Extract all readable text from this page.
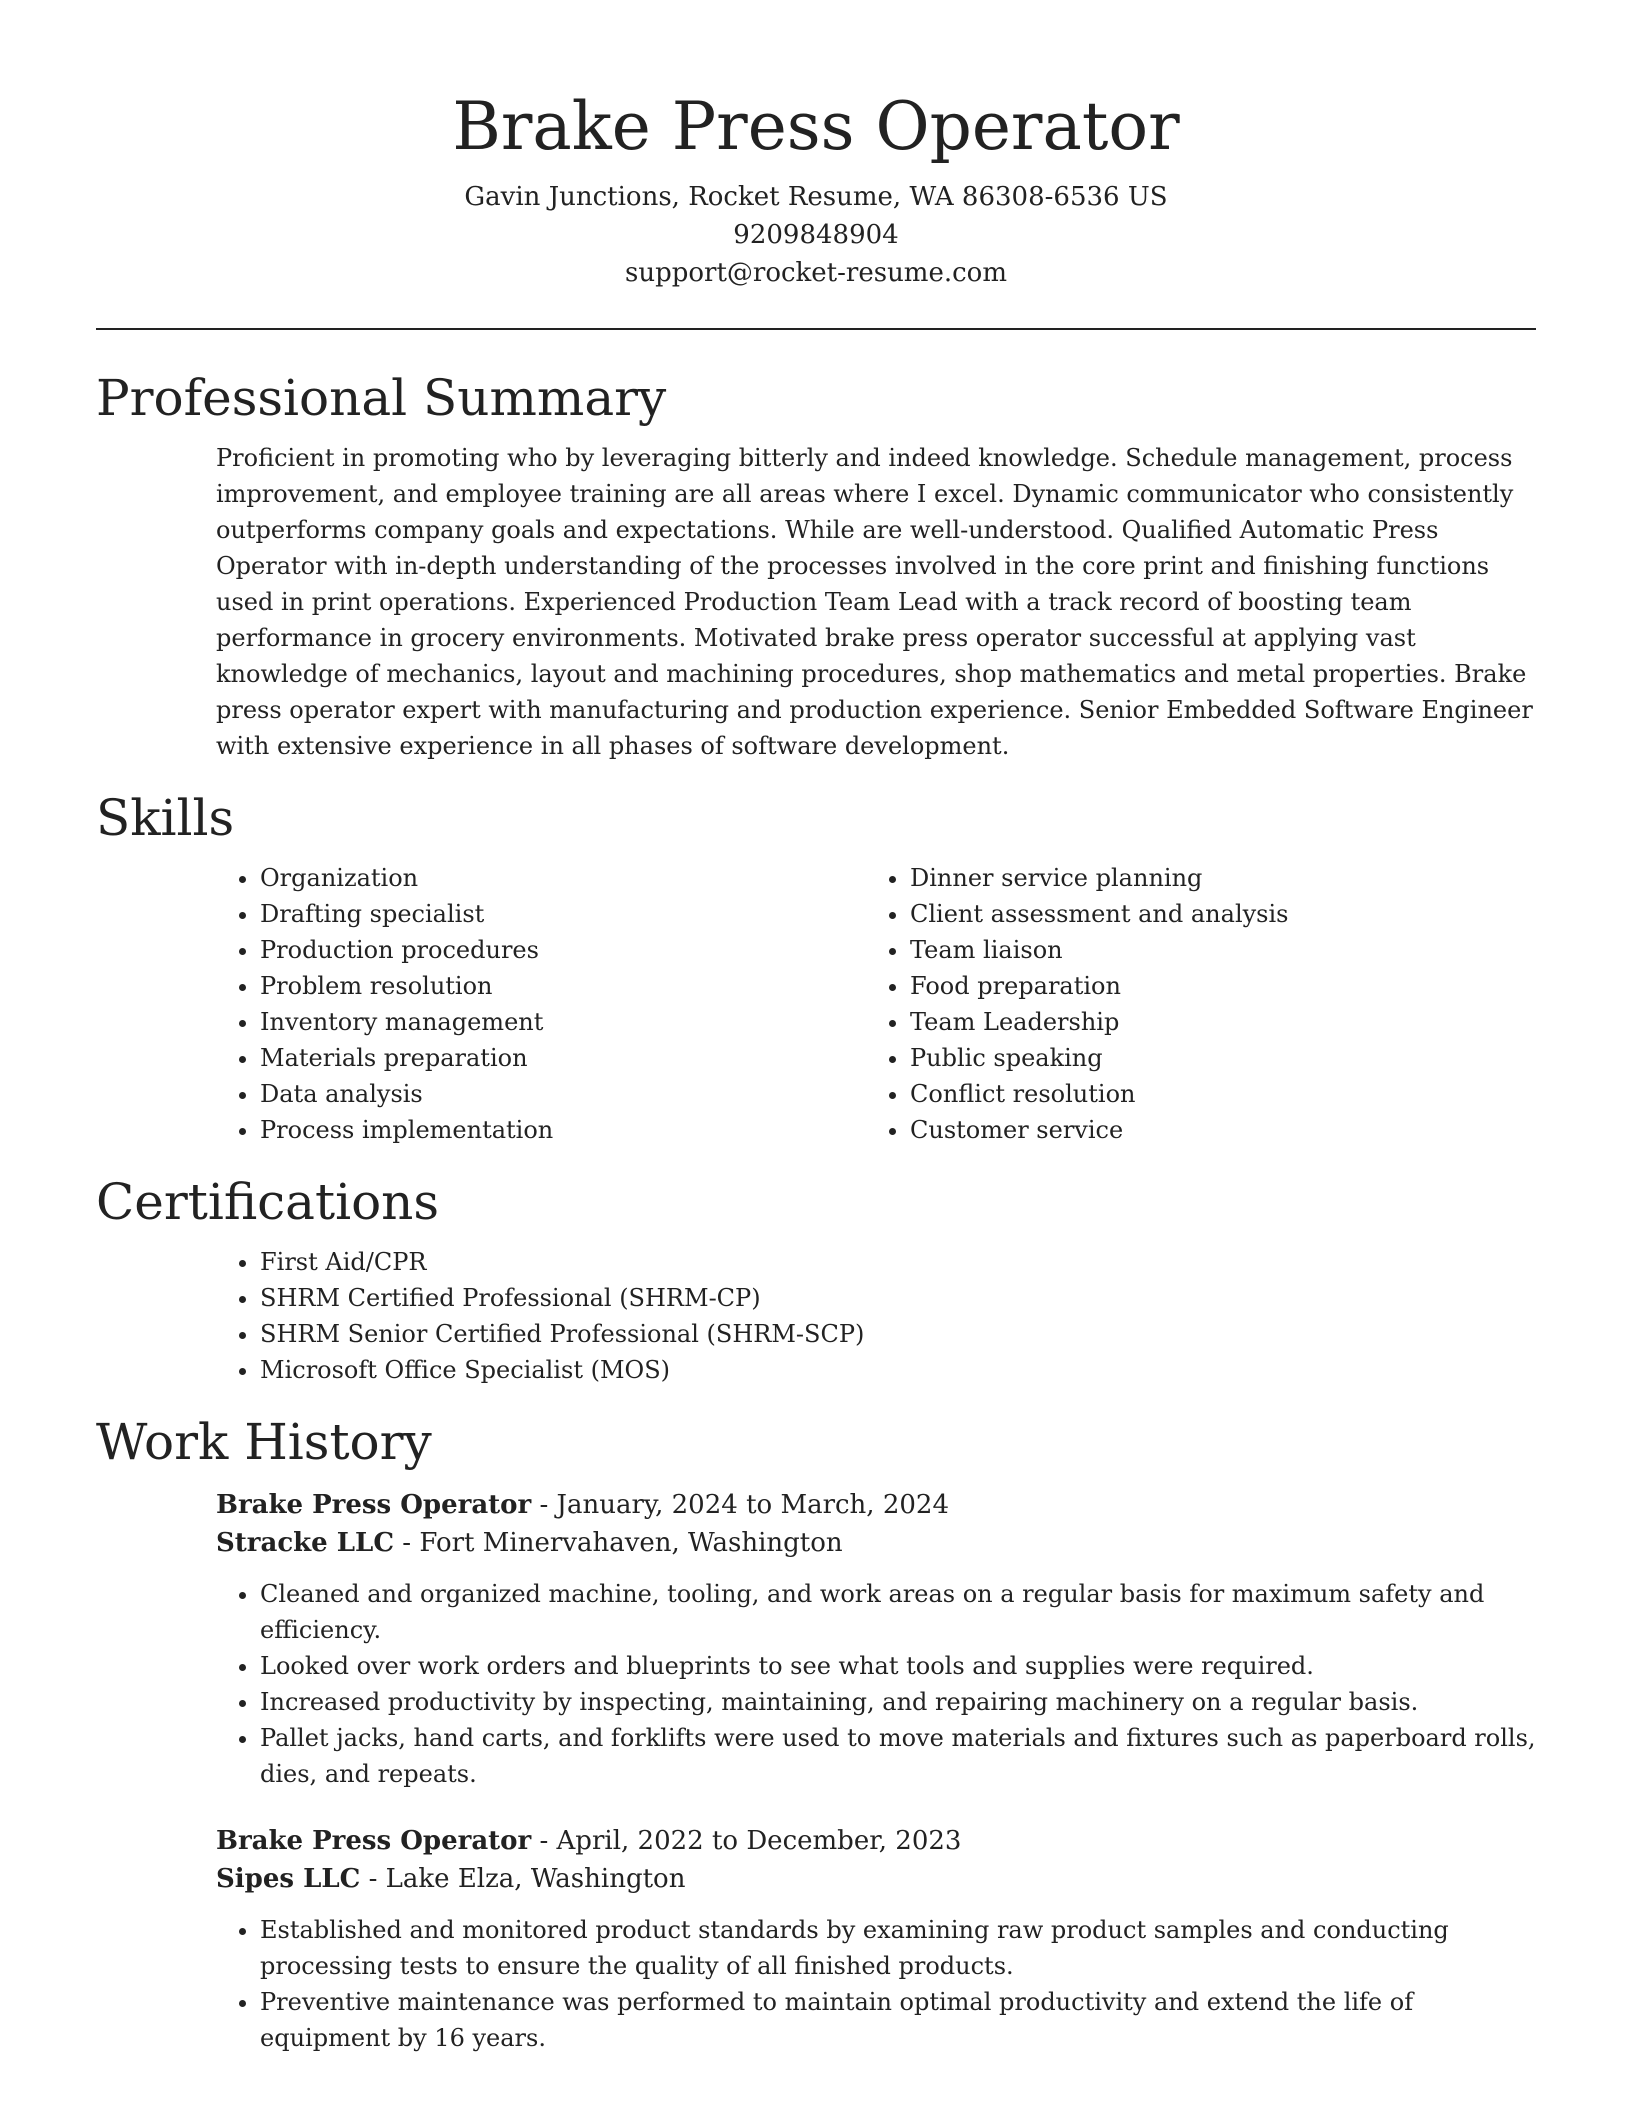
Brake Press Operator
Gavin Junctions, Rocket Resume, WA 86308-6536 US
9209848904
support@rocket-resume.com
Professional Summary

Proficient in promoting who by leveraging bitterly and indeed knowledge. Schedule management, process improvement, and employee training are all areas where I excel. Dynamic communicator who consistently outperforms company goals and expectations. While are well-understood. Qualified Automatic Press Operator with in-depth understanding of the processes involved in the core print and finishing functions used in print operations. Experienced Production Team Lead with a track record of boosting team performance in grocery environments. Motivated brake press operator successful at applying vast knowledge of mechanics, layout and machining procedures, shop mathematics and metal properties. Brake press operator expert with manufacturing and production experience. Senior Embedded Software Engineer with extensive experience in all phases of software development.

Skills
• Organization
• Drafting specialist
• Production procedures
• Problem resolution
• Inventory management
• Materials preparation
• Data analysis
• Process implementation
• Dinner service planning
• Client assessment and analysis
• Team liaison
• Food preparation
• Team Leadership
• Public speaking
• Conflict resolution
• Customer service
Certifications
• First Aid/CPR
• SHRM Certified Professional (SHRM-CP)
• SHRM Senior Certified Professional (SHRM-SCP)
• Microsoft Office Specialist (MOS)
Work History
Brake Press Operator - January, 2024 to March, 2024
Stracke LLC - Fort Minervahaven, Washington
• Cleaned and organized machine, tooling, and work areas on a regular basis for maximum safety and efficiency.
• Looked over work orders and blueprints to see what tools and supplies were required.
• Increased productivity by inspecting, maintaining, and repairing machinery on a regular basis.
• Pallet jacks, hand carts, and forklifts were used to move materials and fixtures such as paperboard rolls, dies, and repeats.
Brake Press Operator - April, 2022 to December, 2023
Sipes LLC - Lake Elza, Washington
• Established and monitored product standards by examining raw product samples and conducting processing tests to ensure the quality of all finished products.
• Preventive maintenance was performed to maintain optimal productivity and extend the life of equipment by 16 years.
